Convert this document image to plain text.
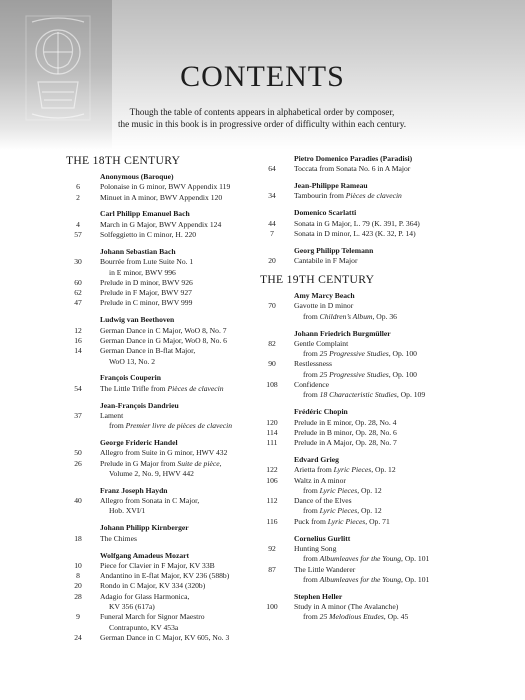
CONTENTS
Though the table of contents appears in alphabetical order by composer,
the music in this book is in progressive order of difficulty within each century.
THE 18TH CENTURY
Anonymous (Baroque)
6	Polonaise in G minor, BWV Appendix 119
2	Minuet in A minor, BWV Appendix 120
Carl Philipp Emanuel Bach
4	March in G Major, BWV Appendix 124
57	Solfeggietto in C minor, H. 220
Johann Sebastian Bach
30	Bourrée from Lute Suite No. 1
in E minor, BWV 996
60	Prelude in D minor, BWV 926
62	Prelude in F Major, BWV 927
47	Prelude in C minor, BWV 999
Ludwig van Beethoven
12	German Dance in C Major, WoO 8, No. 7
16	German Dance in G Major, WoO 8, No. 6
14	German Dance in B-flat Major,
WoO 13, No. 2
François Couperin
54	The Little Trifle from Pièces de clavecin
Jean-François Dandrieu
37	Lament
from Premier livre de pièces de clavecin
George Frideric Handel
50	Allegro from Suite in G minor, HWV 432
26	Prelude in G Major from Suite de pièce,
Volume 2, No. 9, HWV 442
Franz Joseph Haydn
40	Allegro from Sonata in C Major,
Hob. XVI/1
Johann Philipp Kirnberger
18	The Chimes
Wolfgang Amadeus Mozart
10	Piece for Clavier in F Major, KV 33B
8	Andantino in E-flat Major, KV 236 (588b)
20	Rondo in C Major, KV 334 (320b)
28	Adagio for Glass Harmonica,
KV 356 (617a)
9	Funeral March for Signor Maestro
Contrapunto, KV 453a
24	German Dance in C Major, KV 605, No. 3
Pietro Domenico Paradies (Paradisi)
64	Toccata from Sonata No. 6 in A Major
Jean-Philippe Rameau
34	Tambourin from Pièces de clavecin
Domenico Scarlatti
44	Sonata in G Major, L. 79 (K. 391, P. 364)
7	Sonata in D minor, L. 423 (K. 32, P. 14)
Georg Philipp Telemann
20	Cantabile in F Major
THE 19TH CENTURY
Amy Marcy Beach
70	Gavotte in D minor
from Children’s Album, Op. 36
Johann Friedrich Burgmüller
82	Gentle Complaint
from 25 Progressive Studies, Op. 100
90	Restlessness
from 25 Progressive Studies, Op. 100
108	Confidence
from 18 Characteristic Studies, Op. 109
Frédéric Chopin
120	Prelude in E minor, Op. 28, No. 4
114	Prelude in B minor, Op. 28, No. 6
111	Prelude in A Major, Op. 28, No. 7
Edvard Grieg
122	Arietta from Lyric Pieces, Op. 12
106	Waltz in A minor
from Lyric Pieces, Op. 12
112	Dance of the Elves
from Lyric Pieces, Op. 12
116	Puck from Lyric Pieces, Op. 71
Cornelius Gurlitt
92	Hunting Song
from Albumleaves for the Young, Op. 101
87	The Little Wanderer
from Albumleaves for the Young, Op. 101
Stephen Heller
100	Study in A minor (The Avalanche)
from 25 Melodious Etudes, Op. 45
